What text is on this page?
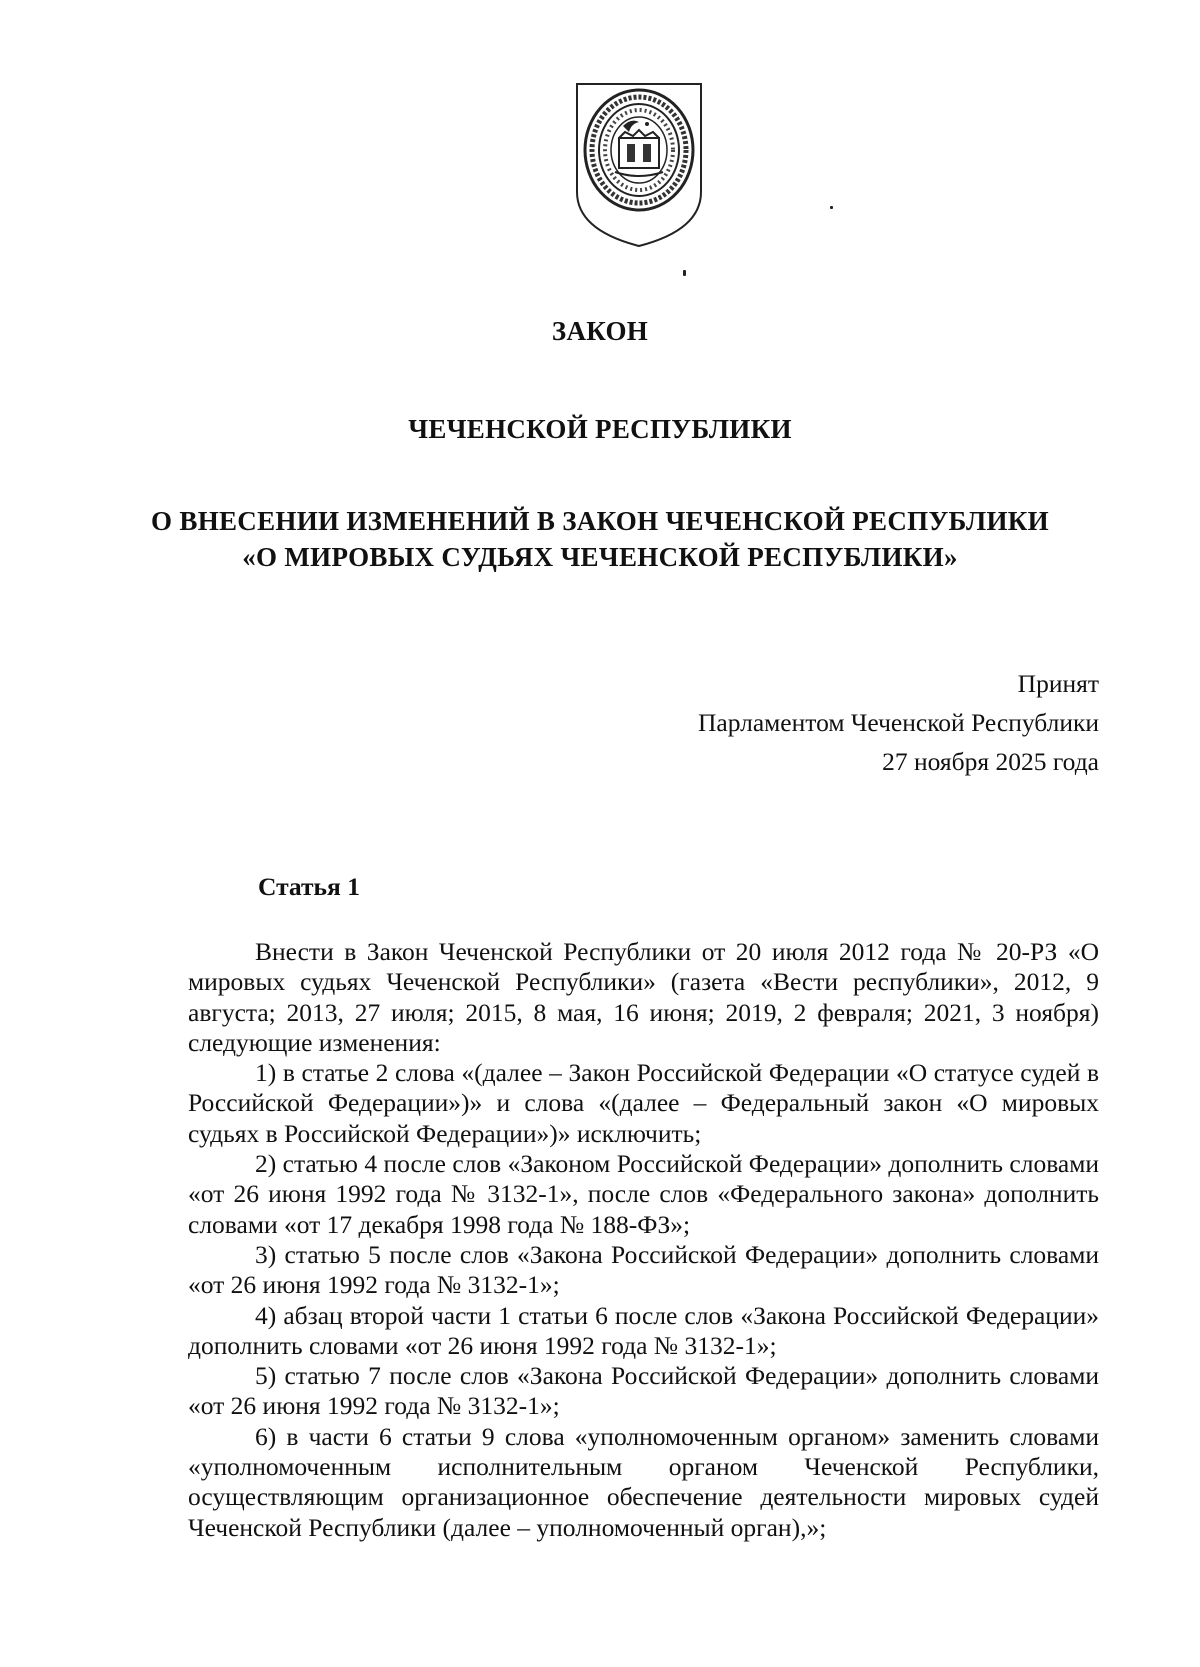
ЗАКОН
ЧЕЧЕНСКОЙ РЕСПУБЛИКИ
О ВНЕСЕНИИ ИЗМЕНЕНИЙ В ЗАКОН ЧЕЧЕНСКОЙ РЕСПУБЛИКИ
«О МИРОВЫХ СУДЬЯХ ЧЕЧЕНСКОЙ РЕСПУБЛИКИ»
Принят
Парламентом Чеченской Республики
27 ноября 2025 года
Статья 1

Внести в Закон Чеченской Республики от 20 июля 2012 года № 20-РЗ «О мировых судьях Чеченской Республики» (газета «Вести республики», 2012, 9 августа; 2013, 27 июля; 2015, 8 мая, 16 июня; 2019, 2 февраля; 2021, 3 ноября) следующие изменения:

1) в статье 2 слова «(далее – Закон Российской Федерации «О статусе судей в Российской Федерации»)» и слова «(далее – Федеральный закон «О мировых судьях в Российской Федерации»)» исключить;

2) статью 4 после слов «Законом Российской Федерации» дополнить словами «от 26 июня 1992 года № 3132-1», после слов «Федерального закона» дополнить словами «от 17 декабря 1998 года № 188-ФЗ»;

3) статью 5 после слов «Закона Российской Федерации» дополнить словами «от 26 июня 1992 года № 3132-1»;

4) абзац второй части 1 статьи 6 после слов «Закона Российской Федерации» дополнить словами «от 26 июня 1992 года № 3132-1»;

5) статью 7 после слов «Закона Российской Федерации» дополнить словами «от 26 июня 1992 года № 3132-1»;

6) в части 6 статьи 9 слова «уполномоченным органом» заменить словами «уполномоченным исполнительным органом Чеченской Республики, осуществляющим организационное обеспечение деятельности мировых судей Чеченской Республики (далее – уполномоченный орган),»;
